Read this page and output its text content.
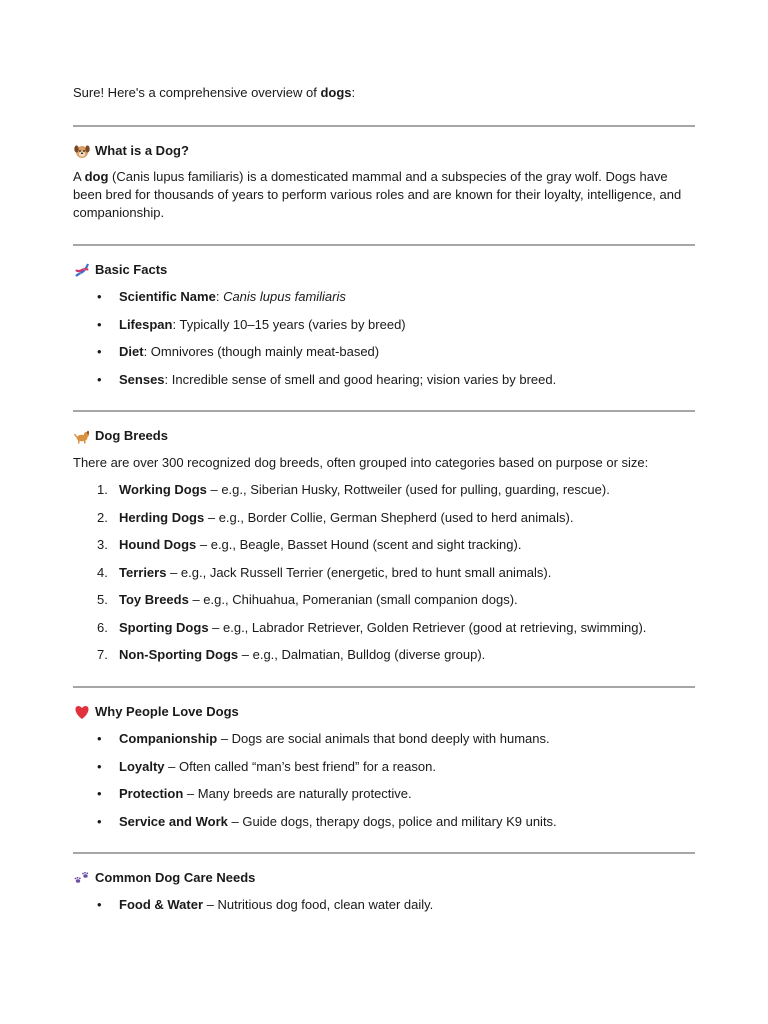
Sure! Here's a comprehensive overview of dogs:

What is a Dog?

A dog (Canis lupus familiaris) is a domesticated mammal and a subspecies of the gray wolf. Dogs have been bred for thousands of years to perform various roles and are known for their loyalty, intelligence, and companionship.

Basic Facts
• Scientific Name: Canis lupus familiaris
• Lifespan: Typically 10–15 years (varies by breed)
• Diet: Omnivores (though mainly meat-based)
• Senses: Incredible sense of smell and good hearing; vision varies by breed.
Dog Breeds

There are over 300 recognized dog breeds, often grouped into categories based on purpose or size:

1. Working Dogs – e.g., Siberian Husky, Rottweiler (used for pulling, guarding, rescue).
2. Herding Dogs – e.g., Border Collie, German Shepherd (used to herd animals).
3. Hound Dogs – e.g., Beagle, Basset Hound (scent and sight tracking).
4. Terriers – e.g., Jack Russell Terrier (energetic, bred to hunt small animals).
5. Toy Breeds – e.g., Chihuahua, Pomeranian (small companion dogs).
6. Sporting Dogs – e.g., Labrador Retriever, Golden Retriever (good at retrieving, swimming).
7. Non-Sporting Dogs – e.g., Dalmatian, Bulldog (diverse group).
Why People Love Dogs
• Companionship – Dogs are social animals that bond deeply with humans.
• Loyalty – Often called “man’s best friend” for a reason.
• Protection – Many breeds are naturally protective.
• Service and Work – Guide dogs, therapy dogs, police and military K9 units.
Common Dog Care Needs
• Food & Water – Nutritious dog food, clean water daily.
